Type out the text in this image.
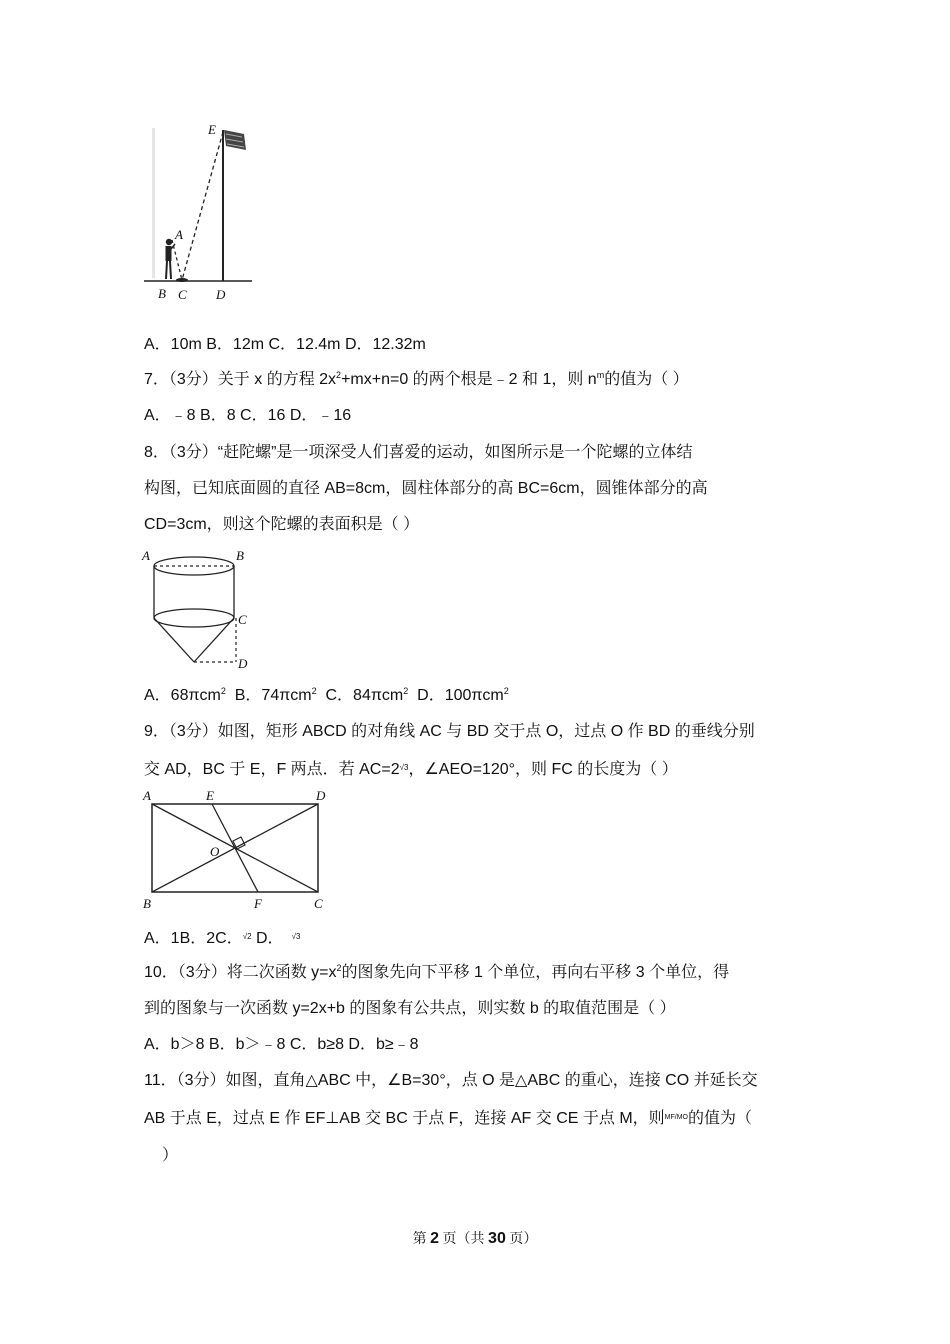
E
A
B C D
A．10m B．12m C．12.4m D．12.32m
7．（3分）关于 x 的方程 $2x^2+mx+n=0$ 的两个根是﹣2 和 1，则 $n^m$的值为（ ）
A．﹣8 B．8 C．16 D．﹣16
8．（3分）“赶陀螺”是一项深受人们喜爱的运动，如图所示是一个陀螺的立体结
构图，已知底面圆的直径 AB=8cm，圆柱体部分的高 BC=6cm，圆锥体部分的高
CD=3cm，则这个陀螺的表面积是（ ）
A	B
C
D
A．68πcm$^2$  B．74πcm$^2$  C．84πcm$^2$  D．100πcm$^2$
9．（3分）如图，矩形 ABCD 的对角线 AC 与 BD 交于点 O，过点 O 作 BD 的垂线分别
交 AD，BC 于 E，F 两点．若 $AC=2^{√3}$，∠AEO=120°，则 FC 的长度为（ ）
A	E	D
O
B	F	C
A．1B．2C．$^{√2}$ D． $^{√3}$
10．（3分）将二次函数 $y=x^2$的图象先向下平移 1 个单位，再向右平移 3 个单位，得
到的图象与一次函数 y=2x+b 的图象有公共点，则实数 b 的取值范围是（ ）
A．b＞8 B．b＞﹣8 C．b≥8 D．b≥﹣8
11．（3分）如图，直角△ABC 中，∠B=30°，点 O 是△ABC 的重心，连接 CO 并延长交
AB 于点 E，过点 E 作 EF⊥AB 交 BC 于点 F，连接 AF 交 CE 于点 M，则$^{MF/MO}$的值为（
）
第 2 页（共 30 页）
